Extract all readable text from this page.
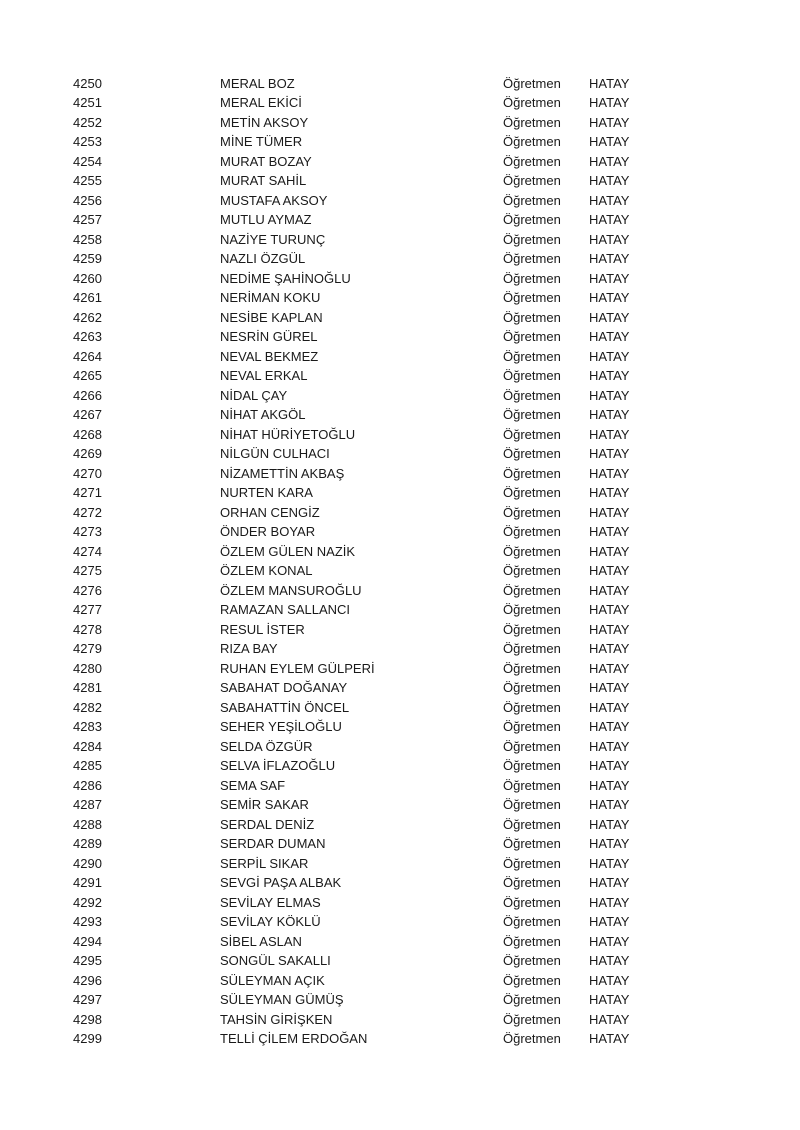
4250	MERAL BOZ	Öğretmen HATAY
4251	MERAL EKİCİ	Öğretmen HATAY
4252	METİN AKSOY	Öğretmen HATAY
4253	MİNE TÜMER	Öğretmen HATAY
4254	MURAT BOZAY	Öğretmen HATAY
4255	MURAT SAHİL	Öğretmen HATAY
4256	MUSTAFA AKSOY	Öğretmen HATAY
4257	MUTLU AYMAZ	Öğretmen HATAY
4258	NAZİYE TURUNÇ	Öğretmen HATAY
4259	NAZLI ÖZGÜL	Öğretmen HATAY
4260	NEDİME ŞAHİNOĞLU	Öğretmen HATAY
4261	NERİMAN KOKU	Öğretmen HATAY
4262	NESİBE KAPLAN	Öğretmen HATAY
4263	NESRİN GÜREL	Öğretmen HATAY
4264	NEVAL BEKMEZ	Öğretmen HATAY
4265	NEVAL ERKAL	Öğretmen HATAY
4266	NİDAL ÇAY	Öğretmen HATAY
4267	NİHAT AKGÖL	Öğretmen HATAY
4268	NİHAT HÜRİYETOĞLU	Öğretmen HATAY
4269	NİLGÜN CULHACI	Öğretmen HATAY
4270	NİZAMETTİN AKBAŞ	Öğretmen HATAY
4271	NURTEN KARA	Öğretmen HATAY
4272	ORHAN CENGİZ	Öğretmen HATAY
4273	ÖNDER BOYAR	Öğretmen HATAY
4274	ÖZLEM GÜLEN NAZİK	Öğretmen HATAY
4275	ÖZLEM KONAL	Öğretmen HATAY
4276	ÖZLEM MANSUROĞLU	Öğretmen HATAY
4277	RAMAZAN SALLANCI	Öğretmen HATAY
4278	RESUL İSTER	Öğretmen HATAY
4279	RIZA BAY	Öğretmen HATAY
4280	RUHAN EYLEM GÜLPERİ	Öğretmen HATAY
4281	SABAHAT DOĞANAY	Öğretmen HATAY
4282	SABAHATTİN ÖNCEL	Öğretmen HATAY
4283	SEHER YEŞİLOĞLU	Öğretmen HATAY
4284	SELDA ÖZGÜR	Öğretmen HATAY
4285	SELVA İFLAZOĞLU	Öğretmen HATAY
4286	SEMA SAF	Öğretmen HATAY
4287	SEMİR SAKAR	Öğretmen HATAY
4288	SERDAL DENİZ	Öğretmen HATAY
4289	SERDAR DUMAN	Öğretmen HATAY
4290	SERPİL SIKAR	Öğretmen HATAY
4291	SEVGİ PAŞA ALBAK	Öğretmen HATAY
4292	SEVİLAY ELMAS	Öğretmen HATAY
4293	SEVİLAY KÖKLÜ	Öğretmen HATAY
4294	SİBEL ASLAN	Öğretmen HATAY
4295	SONGÜL SAKALLI	Öğretmen HATAY
4296	SÜLEYMAN AÇIK	Öğretmen HATAY
4297	SÜLEYMAN GÜMÜŞ	Öğretmen HATAY
4298	TAHSİN GİRİŞKEN	Öğretmen HATAY
4299	TELLİ ÇİLEM ERDOĞAN	Öğretmen HATAY
